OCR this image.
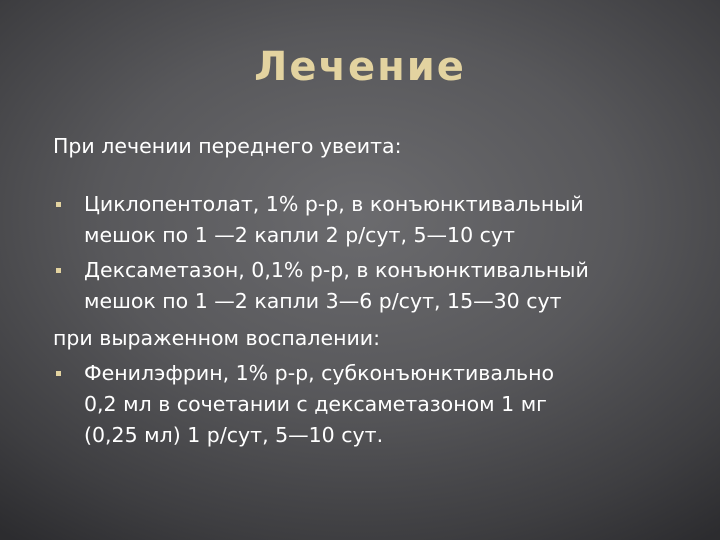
Лечение

При лечении переднего увеита:

Циклопентолат, 1% р-р, в конъюнктивальный
мешок по 1 —2 капли 2 р/сут, 5—10 сут
Дексаметазон, 0,1% р-р, в конъюнктивальный
мешок по 1 —2 капли 3—6 р/сут, 15—30 сут

при выраженном воспалении:

Фенилэфрин, 1% р-р, субконъюнктивально
0,2 мл в сочетании с дексаметазоном 1 мг
(0,25 мл) 1 р/сут, 5—10 сут.
